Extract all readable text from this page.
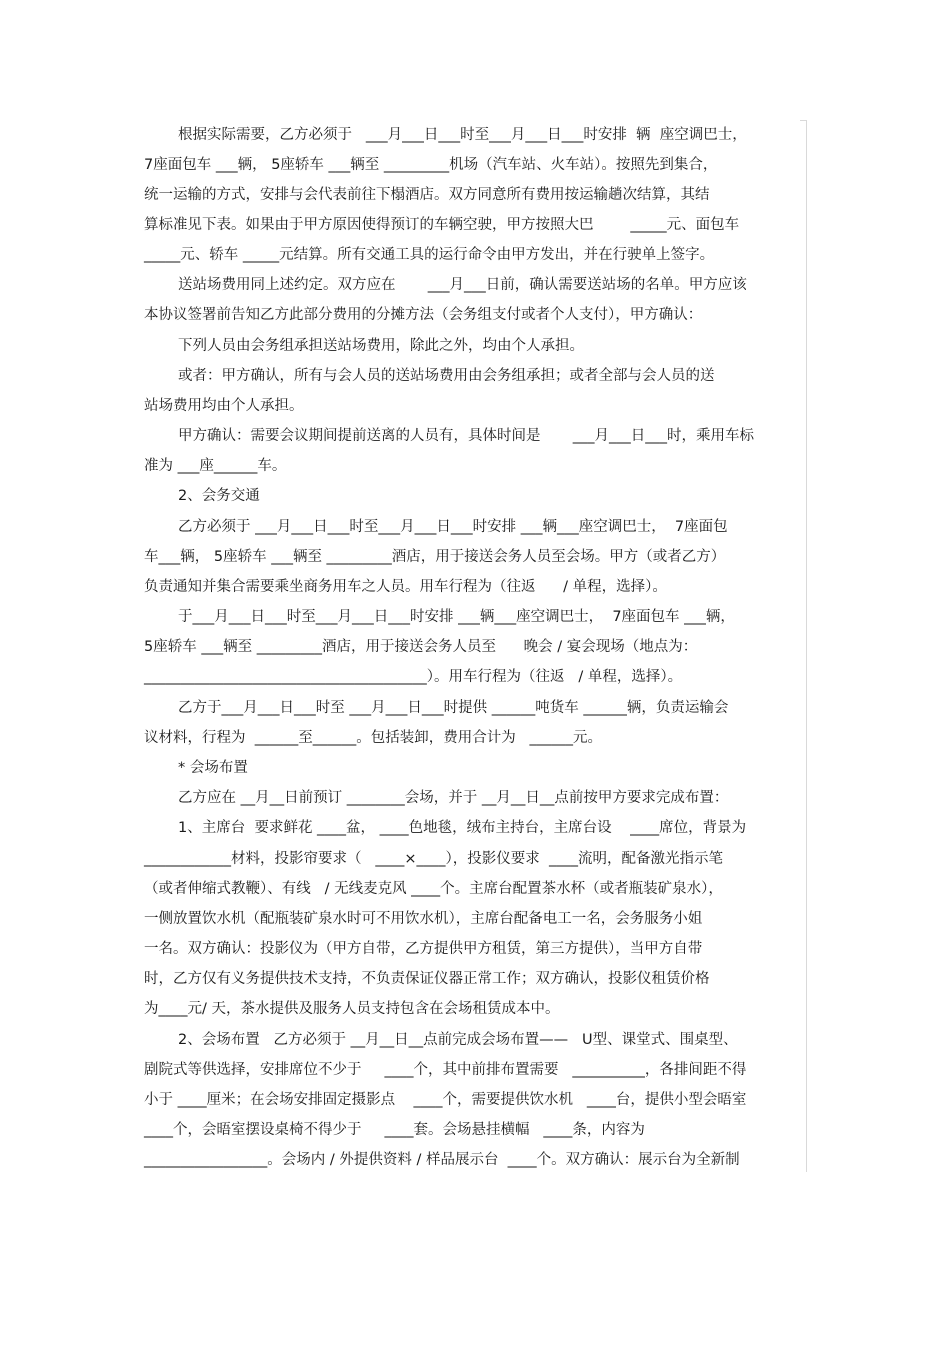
根据实际需要，乙方必须于   ___月___日___时至___月___日___时安排  辆  座空调巴士，
7座面包车 ___辆， 5座轿车 ___辆至 _________机场（汽车站、火车站）。按照先到集合，
统一运输的方式，安排与会代表前往下榻酒店。双方同意所有费用按运输趟次结算，其结
算标准见下表。如果由于甲方原因使得预订的车辆空驶，甲方按照大巴        _____元、面包车
_____元、轿车 _____元结算。所有交通工具的运行命令由甲方发出，并在行驶单上签字。
送站场费用同上述约定。双方应在       ___月___日前，确认需要送站场的名单。甲方应该
本协议签署前告知乙方此部分费用的分摊方法（会务组支付或者个人支付），甲方确认：
下列人员由会务组承担送站场费用，除此之外，均由个人承担。
或者：甲方确认，所有与会人员的送站场费用由会务组承担；或者全部与会人员的送
站场费用均由个人承担。
甲方确认：需要会议期间提前送离的人员有，具体时间是       ___月___日___时，乘用车标
准为 ___座______车。
2、会务交通
乙方必须于 ___月___日___时至___月___日___时安排 ___辆___座空调巴士，  7座面包
车___辆， 5座轿车 ___辆至 _________酒店，用于接送会务人员至会场。甲方（或者乙方）
负责通知并集合需要乘坐商务用车之人员。用车行程为（往返      / 单程，选择）。
于___月___日___时至___月___日___时安排 ___辆___座空调巴士，  7座面包车 ___辆，
5座轿车 ___辆至 _________酒店，用于接送会务人员至      晚会 / 宴会现场（地点为：
_______________________________________）。用车行程为（往返   / 单程，选择）。
乙方于___月___日___时至 ___月___日___时提供 ______吨货车 ______辆，负责运输会
议材料，行程为  ______至______。包括装卸，费用合计为   ______元。
* 会场布置
乙方应在 __月__日前预订 ________会场，并于 __月__日__点前按甲方要求完成布置：
1、主席台  要求鲜花 ____盆， ____色地毯，绒布主持台，主席台设    ____席位，背景为
____________材料，投影帘要求（   ____×____），投影仪要求  ____流明，配备激光指示笔
（或者伸缩式教鞭）、有线   / 无线麦克风 ____个。主席台配置茶水杯（或者瓶装矿泉水），
一侧放置饮水机（配瓶装矿泉水时可不用饮水机），主席台配备电工一名，会务服务小姐
一名。双方确认：投影仪为（甲方自带，乙方提供甲方租赁，第三方提供），当甲方自带
时，乙方仅有义务提供技术支持，不负责保证仪器正常工作；双方确认，投影仪租赁价格
为____元/ 天，茶水提供及服务人员支持包含在会场租赁成本中。
2、会场布置   乙方必须于 __月__日__点前完成会场布置——   U型、课堂式、围桌型、
剧院式等供选择，安排席位不少于     ____个，其中前排布置需要   __________，各排间距不得
小于 ____厘米；在会场安排固定摄影点    ____个，需要提供饮水机   ____台，提供小型会晤室
____个，会晤室摆设桌椅不得少于     ____套。会场悬挂横幅   ____条，内容为
_________________。会场内 / 外提供资料 / 样品展示台  ____个。双方确认：展示台为全新制
